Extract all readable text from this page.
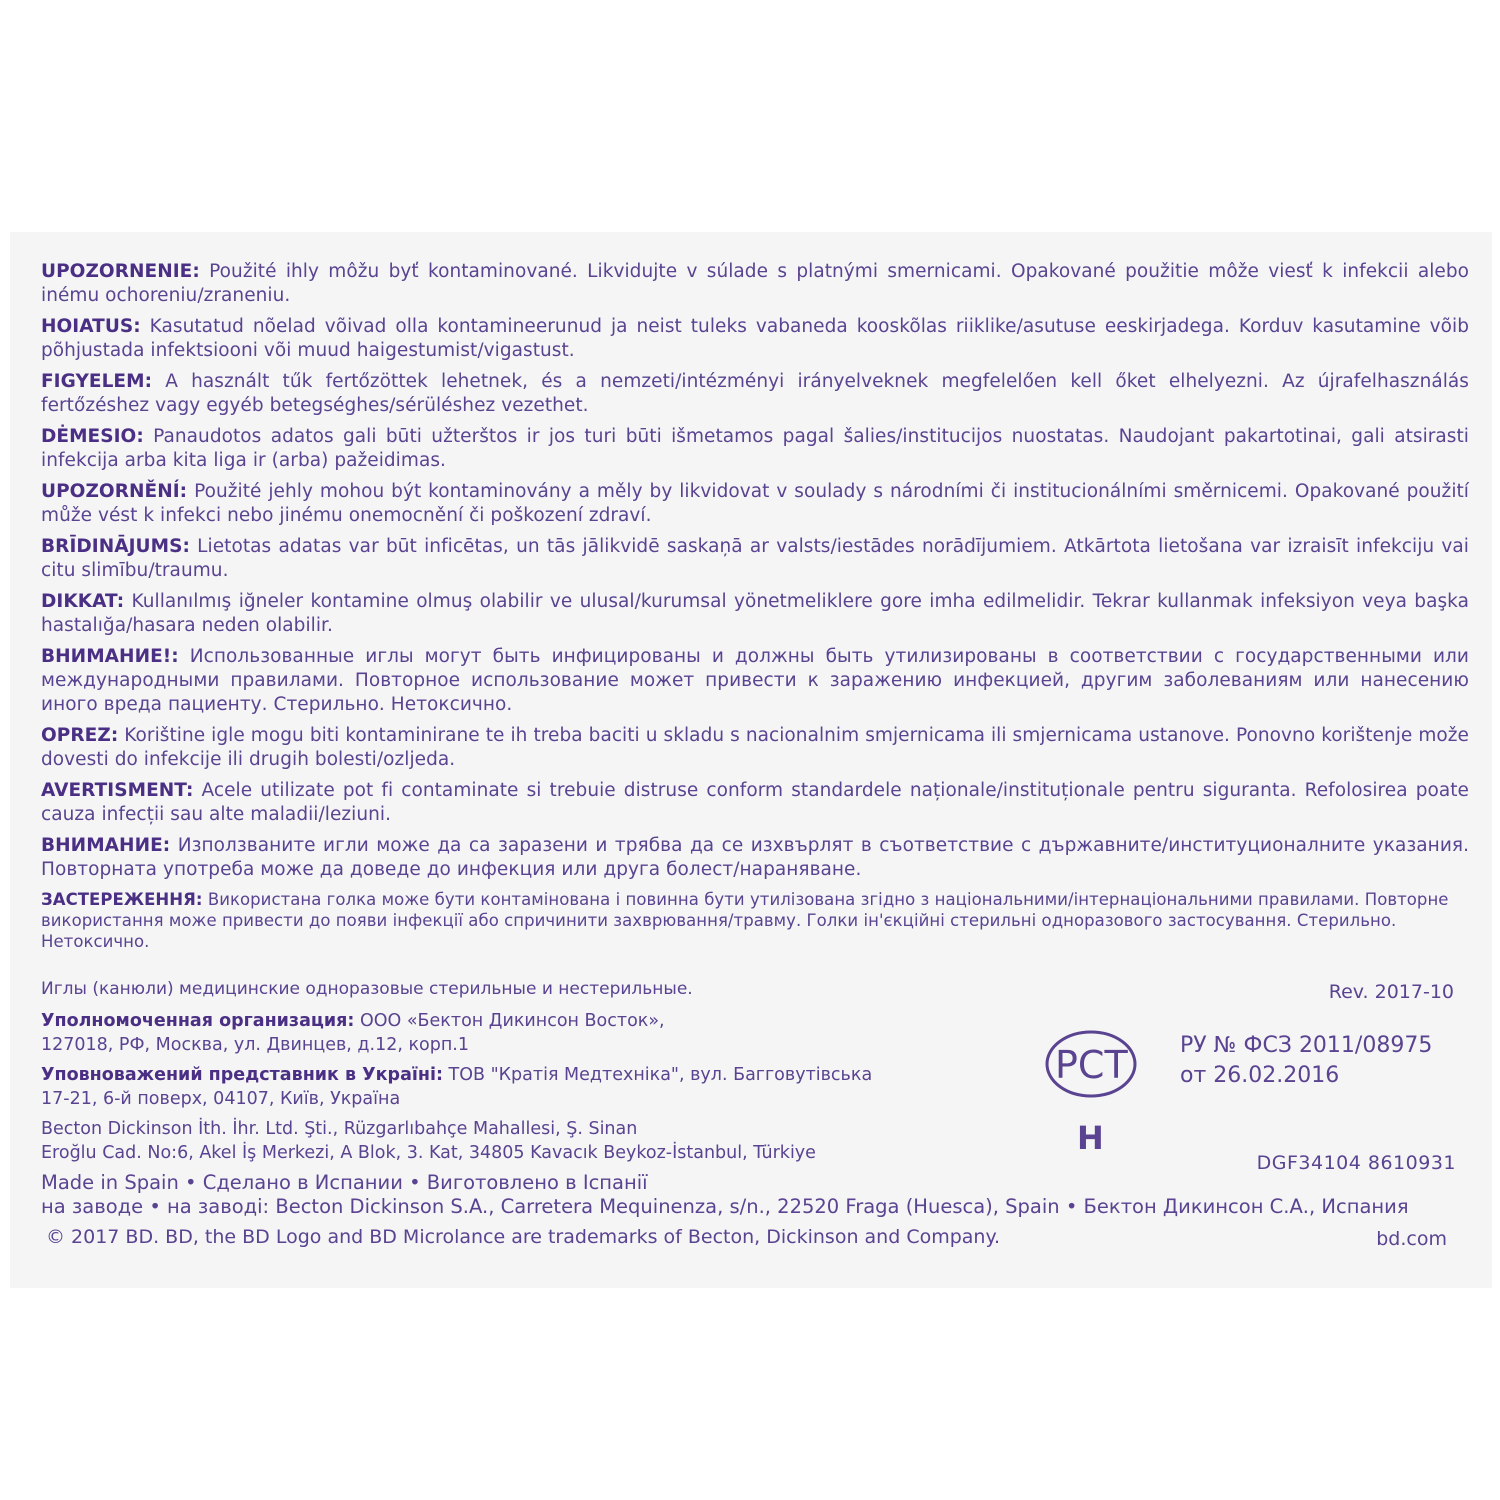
UPOZORNENIE: Použité ihly môžu byť kontaminované. Likvidujte v súlade s platnými smernicami. Opakované použitie môže viesť k infekcii alebo inému ochoreniu/zraneniu.

HOIATUS: Kasutatud nõelad võivad olla kontamineerunud ja neist tuleks vabaneda kooskõlas riiklike/asutuse eeskirjadega. Korduv kasutamine võib põhjustada infektsiooni või muud haigestumist/vigastust.

FIGYELEM: A használt tűk fertőzöttek lehetnek, és a nemzeti/intézményi irányelveknek megfelelően kell őket elhelyezni. Az újrafelhasználás fertőzéshez vagy egyéb betegséghes/sérüléshez vezethet.

DĖMESIO: Panaudotos adatos gali būti užterštos ir jos turi būti išmetamos pagal šalies/institucijos nuostatas. Naudojant pakartotinai, gali atsirasti infekcija arba kita liga ir (arba) pažeidimas.

UPOZORNĚNÍ: Použité jehly mohou být kontaminovány a měly by likvidovat v souladу s národními či institucionálními směrnicemi. Opakované použití může vést k infekci nebo jinému onemocnění či poškození zdraví.

BRĪDINĀJUMS: Lietotas adatas var būt inficētas, un tās jālikvidē saskaņā ar valsts/iestādes norādījumiem. Atkārtota lietošana var izraisīt infekciju vai citu slimību/traumu.

DIKKAT: Kullanılmış iğneler kontamine olmuş olabilir ve ulusal/kurumsal yönetmeliklere gore imha edilmelidir. Tekrar kullanmak infeksiyon veya başka hastalığa/hasara neden olabilir.

ВНИМАНИЕ!: Использованные иглы могут быть инфицированы и должны быть утилизированы в соответствии с государственными или международными правилами. Повторное использование может привести к заражению инфекцией, другим заболеваниям или нанесению иного вреда пациенту. Стерильно. Нетоксично.

OPREZ: Korištine igle mogu biti kontaminirane te ih treba baciti u skladu s nacionalnim smjernicama ili smjernicama ustanove. Ponovno korištenje može dovesti do infekcije ili drugih bolesti/ozljeda.

AVERTISMENT: Acele utilizate pot fi contaminate si trebuie distruse conform standardele naționale/instituționale pentru siguranta. Refolosirea poate cauza infecții sau alte maladii/leziuni.

ВНИМАНИЕ: Използваните игли може да са заразени и трябва да се изхвърлят в съответствие с държавните/институционалните указания. Повторната употреба може да доведе до инфекция или друга болест/нараняване.

ЗАСТЕРЕЖЕННЯ: Використана голка може бути контамінована і повинна бути утилізована згідно з національними/інтернаціональними правилами. Повторне використання може привести до появи інфекції або спричинити захврювання/травму. Голки ін'єкційні стерильні одноразового застосування. Стерильно. Нетоксично.

Иглы (канюли) медицинские одноразовые стерильные и нестерильные.	Rev. 2017-10
Уполномоченная организация: ООО «Бектон Дикинсон Восток»,
127018, РФ, Москва, ул. Двинцев, д.12, корп.1
Уповноважений представник в Україні: ТОВ "Кратія Медтехніка", вул. Багговутівська
17-21, 6-й поверх, 04107, Київ, Україна
Becton Dickinson İth. İhr. Ltd. Şti., Rüzgarlıbahçe Mahallesi, Ş. Sinan
Eroğlu Cad. No:6, Akel İş Merkezi, A Blok, 3. Kat, 34805 Kavacık Beykoz-İstanbul, Türkiye
РСТ РУ № ФСЗ 2011/08975
от 26.02.2016
H
DGF34104 8610931
Made in Spain • Сделано в Испании • Виготовлено в Іспанії
на заводе • на заводі: Becton Dickinson S.A., Carretera Mequinenza, s/n., 22520 Fraga (Huesca), Spain • Бектон Дикинсон С.А., Испания
© 2017 BD. BD, the BD Logo and BD Microlance are trademarks of Becton, Dickinson and Company.	bd.com
